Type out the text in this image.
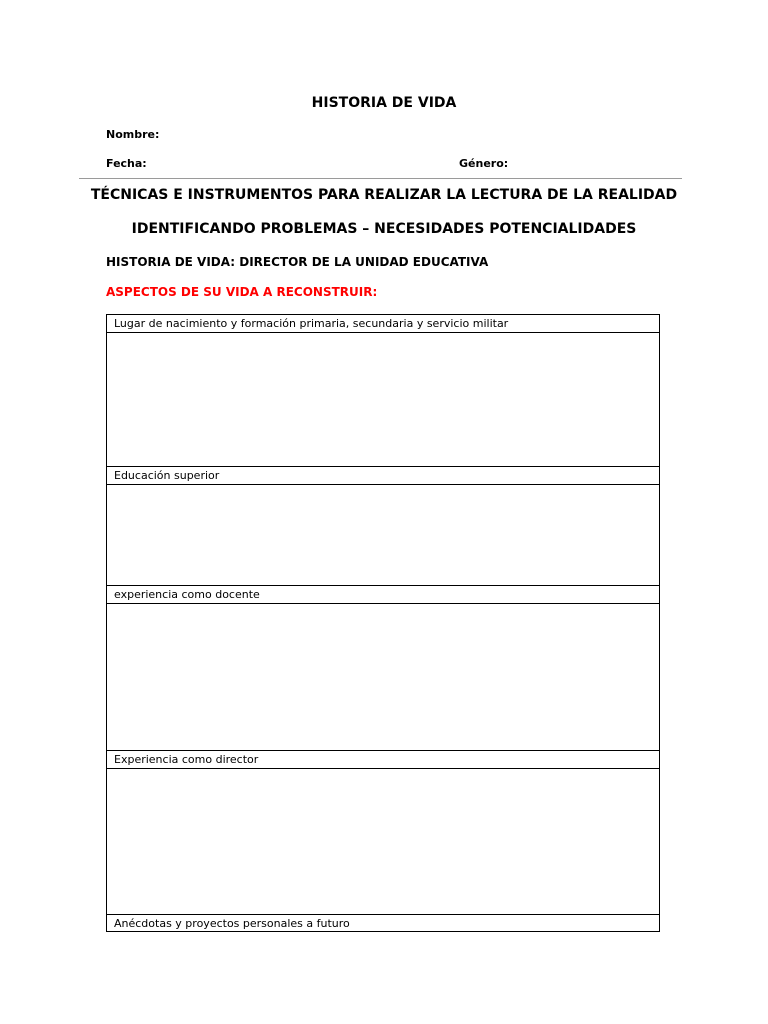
HISTORIA DE VIDA
Nombre:
Fecha:	Género:
TÉCNICAS E INSTRUMENTOS PARA REALIZAR LA LECTURA DE LA REALIDAD
IDENTIFICANDO PROBLEMAS – NECESIDADES POTENCIALIDADES
HISTORIA DE VIDA: DIRECTOR DE LA UNIDAD EDUCATIVA
ASPECTOS DE SU VIDA A RECONSTRUIR:
Lugar de nacimiento y formación primaria, secundaria y servicio militar
Educación superior
experiencia como docente
Experiencia como director
Anécdotas y proyectos personales a futuro
